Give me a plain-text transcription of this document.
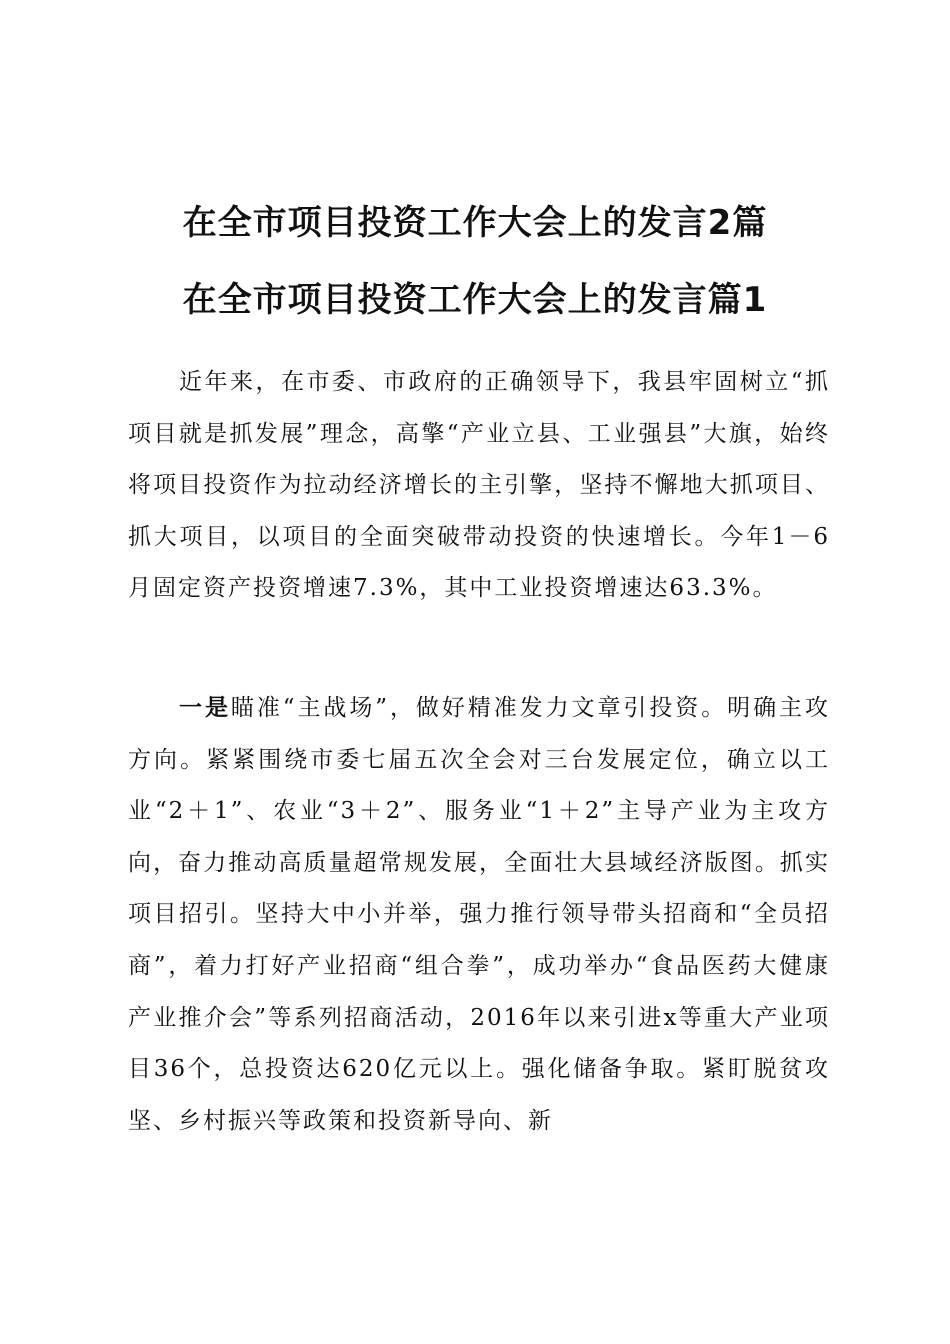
在全市项目投资工作大会上的发言2篇
在全市项目投资工作大会上的发言篇1

近年来，在市委、市政府的正确领导下，我县牢固树立“抓项目就是抓发展”理念，高擎“产业立县、工业强县”大旗，始终将项目投资作为拉动经济增长的主引擎，坚持不懈地大抓项目、抓大项目，以项目的全面突破带动投资的快速增长。今年1－6月固定资产投资增速7.3%，其中工业投资增速达63.3%。

一是瞄准“主战场”，做好精准发力文章引投资。明确主攻方向。紧紧围绕市委七届五次全会对三台发展定位，确立以工业“2＋1”、农业“3＋2”、服务业“1＋2”主导产业为主攻方向，奋力推动高质量超常规发展，全面壮大县域经济版图。抓实项目招引。坚持大中小并举，强力推行领导带头招商和“全员招商”，着力打好产业招商“组合拳”，成功举办“食品医药大健康产业推介会”等系列招商活动，2016年以来引进x等重大产业项目36个，总投资达620亿元以上。强化储备争取。紧盯脱贫攻坚、乡村振兴等政策和投资新导向、新
